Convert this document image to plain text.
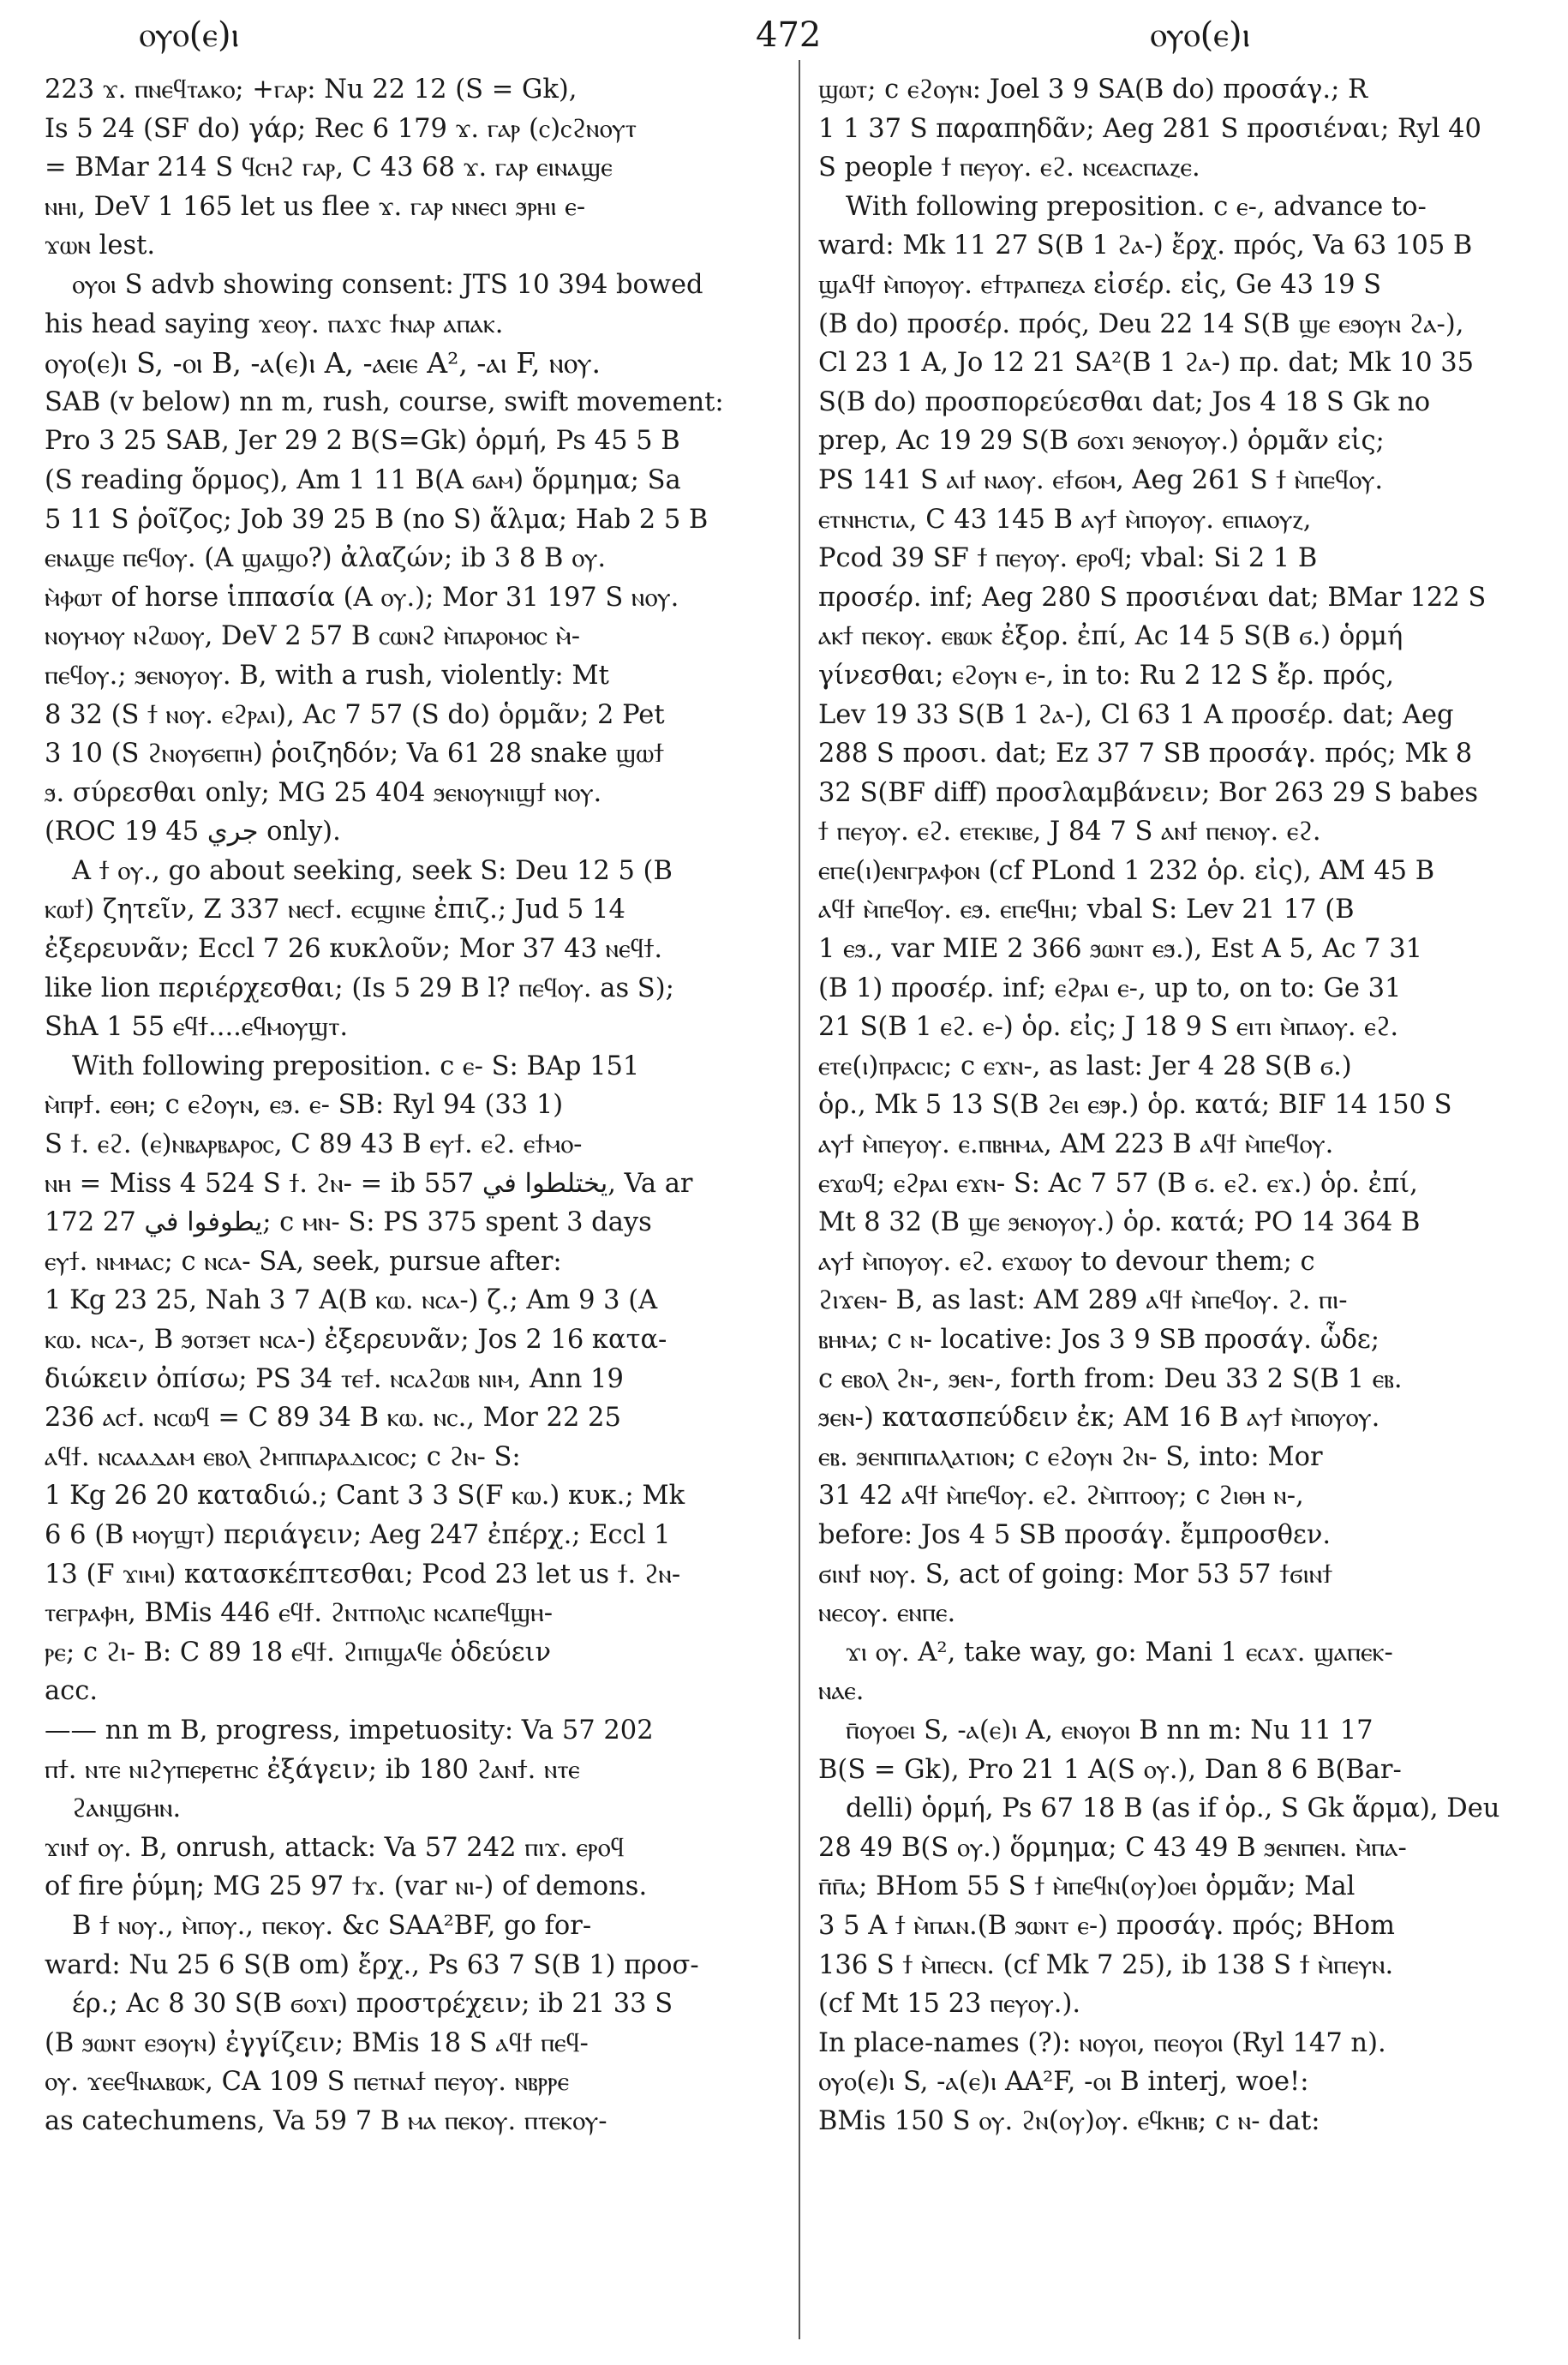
ⲟⲩⲟ(ⲉ)ⲓ	472	ⲟⲩⲟ(ⲉ)ⲓ
223 ϫ. ⲡⲛⲉϥⲧⲁⲕⲟ; +ⲅⲁⲣ: Nu 22 12 (S = Gk),
Is 5 24 (SF do) γάρ; Rec 6 179 ϫ. ⲅⲁⲣ (ⲥ)ⲥϩⲛⲟⲩⲧ
= BMar 214 S ϥⲥⲏϩ ⲅⲁⲣ, C 43 68 ϫ. ⲅⲁⲣ ⲉⲓⲛⲁϣⲉ
ⲛⲏⲓ, DeV 1 165 let us flee ϫ. ⲅⲁⲣ ⲛⲛⲉⲥⲓ ϧⲣⲏⲓ ⲉ-
ϫⲱⲛ lest.
ⲟⲩⲟⲓ S advb showing consent: JTS 10 394 bowed
his head saying ϫⲉⲟⲩ. ⲡⲁϫⲥ ϯⲛⲁⲣ ⲁⲡⲁⲕ.
ⲟⲩⲟ(ⲉ)ⲓ S, -ⲟⲓ B, -ⲁ(ⲉ)ⲓ A, -ⲁⲉⲓⲉ A², -ⲁⲓ F, ⲛⲟⲩ.
SAB (v below) nn m, rush, course, swift movement:
Pro 3 25 SAB, Jer 29 2 B(S=Gk) ὁρμή, Ps 45 5 B
(S reading ὅρμος), Am 1 11 B(A ϭⲁⲙ) ὅρμημα; Sa
5 11 S ῥοῖζος; Job 39 25 B (no S) ἅλμα; Hab 2 5 B
ⲉⲛⲁϣⲉ ⲡⲉϥⲟⲩ. (A ϣⲁϣⲟ?) ἀλαζών; ib 3 8 B ⲟⲩ.
ⲙ̀ⲫⲱⲧ of horse ἱππασία (A ⲟⲩ.); Mor 31 197 S ⲛⲟⲩ.
ⲛⲟⲩⲙⲟⲩ ⲛϩⲱⲟⲩ, DeV 2 57 B ⲥⲱⲛϩ ⲙ̀ⲡⲁⲣⲟⲙⲟⲥ ⲙ̀-
ⲡⲉϥⲟⲩ.; ϧⲉⲛⲟⲩⲟⲩ. B, with a rush, violently: Mt
8 32 (S ϯ ⲛⲟⲩ. ⲉϩⲣⲁⲓ), Ac 7 57 (S do) ὁρμᾶν; 2 Pet
3 10 (S ϩⲛⲟⲩϭⲉⲡⲏ) ῥοιζηδόν; Va 61 28 snake ϣⲱϯ
ϧ. σύρεσθαι only; MG 25 404 ϧⲉⲛⲟⲩⲛⲓϣϯ ⲛⲟⲩ.
(ROC 19 45 ﺟﺮﻱ only).
A ϯ ⲟⲩ., go about seeking, seek S: Deu 12 5 (B
ⲕⲱϯ) ζητεῖν, Z 337 ⲛⲉⲥϯ. ⲉⲥϣⲓⲛⲉ ἐπιζ.; Jud 5 14
ἐξερευνᾶν; Eccl 7 26 κυκλοῦν; Mor 37 43 ⲛⲉϥϯ.
like lion περιέρχεσθαι; (Is 5 29 B l? ⲡⲉϥⲟⲩ. as S);
ShA 1 55 ⲉϥϯ....ⲉϥⲙⲟⲩϣⲧ.
With following preposition. c ⲉ- S: BAp 151
ⲙ̀ⲡⲣϯ. ⲉⲑⲏ; c ⲉϩⲟⲩⲛ, ⲉϧ. ⲉ- SB: Ryl 94 (33 1)
S ϯ. ⲉϩ. (ⲉ)ⲛⲃⲁⲣⲃⲁⲣⲟⲥ, C 89 43 B ⲉⲩϯ. ⲉϩ. ⲉϯⲙⲟ-
ⲛⲏ = Miss 4 524 S ϯ. ϩⲛ- = ib 557 يختلطوا في, Va ar
172 27 يطوفوا في; c ⲙⲛ- S: PS 375 spent 3 days
ⲉⲩϯ. ⲛⲙⲙⲁⲥ; c ⲛⲥⲁ- SA, seek, pursue after:
1 Kg 23 25, Nah 3 7 A(B ⲕⲱ. ⲛⲥⲁ-) ζ.; Am 9 3 (A
ⲕⲱ. ⲛⲥⲁ-, B ϧⲟⲧϧⲉⲧ ⲛⲥⲁ-) ἐξερευνᾶν; Jos 2 16 κατα-
διώκειν ὀπίσω; PS 34 ⲧⲉϯ. ⲛⲥⲁϩⲱⲃ ⲛⲓⲙ, Ann 19
236 ⲁⲥϯ. ⲛⲥⲱϥ = C 89 34 B ⲕⲱ. ⲛⲥ., Mor 22 25
ⲁϥϯ. ⲛⲥⲁⲁⲇⲁⲙ ⲉⲃⲟⲗ ϩⲙⲡⲡⲁⲣⲁⲇⲓⲥⲟⲥ; c ϩⲛ- S:
1 Kg 26 20 καταδιώ.; Cant 3 3 S(F ⲕⲱ.) κυκ.; Mk
6 6 (B ⲙⲟⲩϣⲧ) περιάγειν; Aeg 247 ἐπέρχ.; Eccl 1
13 (F ϫⲓⲙⲓ) κατασκέπτεσθαι; Pcod 23 let us ϯ. ϩⲛ-
ⲧⲉⲅⲣⲁⲫⲏ, BMis 446 ⲉϥϯ. ϩⲛⲧⲡⲟⲗⲓⲥ ⲛⲥⲁⲡⲉϥϣⲏ-
ⲣⲉ; c ϩⲓ- B: C 89 18 ⲉϥϯ. ϩⲓⲡⲓϣⲁϥⲉ ὁδεύειν
acc.
—— nn m B, progress, impetuosity: Va 57 202
ⲡϯ. ⲛⲧⲉ ⲛⲓϩⲩⲡⲉⲣⲉⲧⲏⲥ ἐξάγειν; ib 180 ϩⲁⲛϯ. ⲛⲧⲉ
ϩⲁⲛϣϭⲏⲛ.
ϫⲓⲛϯ ⲟⲩ. B, onrush, attack: Va 57 242 ⲡⲓϫ. ⲉⲣⲟϥ
of fire ῥύμη; MG 25 97 ϯϫ. (var ⲛⲓ-) of demons.
B ϯ ⲛⲟⲩ., ⲙ̀ⲡⲟⲩ., ⲡⲉⲕⲟⲩ. &c SAA²BF, go for-
ward: Nu 25 6 S(B om) ἔρχ., Ps 63 7 S(B 1) προσ-
έρ.; Ac 8 30 S(B ϭⲟϫⲓ) προστρέχειν; ib 21 33 S
(B ϧⲱⲛⲧ ⲉϧⲟⲩⲛ) ἐγγίζειν; BMis 18 S ⲁϥϯ ⲡⲉϥ-
ⲟⲩ. ϫⲉⲉϥⲛⲁⲃⲱⲕ, CA 109 S ⲡⲉⲧⲛⲁϯ ⲡⲉⲩⲟⲩ. ⲛⲃⲣⲣⲉ
as catechumens, Va 59 7 B ⲙⲁ ⲡⲉⲕⲟⲩ. ⲡⲧⲉⲕⲟⲩ-
ϣⲱⲧ; c ⲉϩⲟⲩⲛ: Joel 3 9 SA(B do) προσάγ.; R
1 1 37 S παραπηδᾶν; Aeg 281 S προσιέναι; Ryl 40
S people ϯ ⲡⲉⲩⲟⲩ. ⲉϩ. ⲛⲥⲉⲁⲥⲡⲁⲍⲉ.
With following preposition. c ⲉ-, advance to-
ward: Mk 11 27 S(B 1 ϩⲁ-) ἔρχ. πρός, Va 63 105 B
ϣⲁϥϯ ⲙ̀ⲡⲟⲩⲟⲩ. ⲉϯⲧⲣⲁⲡⲉⲍⲁ εἰσέρ. εἰς, Ge 43 19 S
(B do) προσέρ. πρός, Deu 22 14 S(B ϣⲉ ⲉϧⲟⲩⲛ ϩⲁ-),
Cl 23 1 A, Jo 12 21 SA²(B 1 ϩⲁ-) πρ. dat; Mk 10 35
S(B do) προσπορεύεσθαι dat; Jos 4 18 S Gk no
prep, Ac 19 29 S(B ϭⲟϫⲓ ϧⲉⲛⲟⲩⲟⲩ.) ὁρμᾶν εἰς;
PS 141 S ⲁⲓϯ ⲛⲁⲟⲩ. ⲉϯϭⲟⲙ, Aeg 261 S ϯ ⲙ̀ⲡⲉϥⲟⲩ.
ⲉⲧⲛⲏⲥⲧⲓⲁ, C 43 145 B ⲁⲩϯ ⲙ̀ⲡⲟⲩⲟⲩ. ⲉⲡⲓⲁⲟⲩⲍ,
Pcod 39 SF ϯ ⲡⲉⲩⲟⲩ. ⲉⲣⲟϥ; vbal: Si 2 1 B
προσέρ. inf; Aeg 280 S προσιέναι dat; BMar 122 S
ⲁⲕϯ ⲡⲉⲕⲟⲩ. ⲉⲃⲱⲕ ἐξορ. ἐπί, Ac 14 5 S(B ϭ.) ὁρμή
γίνεσθαι; ⲉϩⲟⲩⲛ ⲉ-, in to: Ru 2 12 S ἔρ. πρός,
Lev 19 33 S(B 1 ϩⲁ-), Cl 63 1 A προσέρ. dat; Aeg
288 S προσι. dat; Ez 37 7 SB προσάγ. πρός; Mk 8
32 S(BF diff) προσλαμβάνειν; Bor 263 29 S babes
ϯ ⲡⲉⲩⲟⲩ. ⲉϩ. ⲉⲧⲉⲕⲓⲃⲉ, J 84 7 S ⲁⲛϯ ⲡⲉⲛⲟⲩ. ⲉϩ.
ⲉⲡⲉ(ⲓ)ⲉⲛⲅⲣⲁⲫⲟⲛ (cf PLond 1 232 ὁρ. εἰς), AM 45 B
ⲁϥϯ ⲙ̀ⲡⲉϥⲟⲩ. ⲉϧ. ⲉⲡⲉϥⲏⲓ; vbal S: Lev 21 17 (B
1 ⲉϧ., var MIE 2 366 ϧⲱⲛⲧ ⲉϧ.), Est A 5, Ac 7 31
(B 1) προσέρ. inf; ⲉϩⲣⲁⲓ ⲉ-, up to, on to: Ge 31
21 S(B 1 ⲉϩ. ⲉ-) ὁρ. εἰς; J 18 9 S ⲉⲓⲧⲓ ⲙ̀ⲡⲁⲟⲩ. ⲉϩ.
ⲉⲧⲉ(ⲓ)ⲡⲣⲁⲥⲓⲥ; c ⲉϫⲛ-, as last: Jer 4 28 S(B ϭ.)
ὁρ., Mk 5 13 S(B ϩⲉⲓ ⲉϧⲣ.) ὁρ. κατά; BIF 14 150 S
ⲁⲩϯ ⲙ̀ⲡⲉⲩⲟⲩ. ⲉ.ⲡⲃⲏⲙⲁ, AM 223 B ⲁϥϯ ⲙ̀ⲡⲉϥⲟⲩ.
ⲉϫⲱϥ; ⲉϩⲣⲁⲓ ⲉϫⲛ- S: Ac 7 57 (B ϭ. ⲉϩ. ⲉϫ.) ὁρ. ἐπί,
Mt 8 32 (B ϣⲉ ϧⲉⲛⲟⲩⲟⲩ.) ὁρ. κατά; PO 14 364 B
ⲁⲩϯ ⲙ̀ⲡⲟⲩⲟⲩ. ⲉϩ. ⲉϫⲱⲟⲩ to devour them; c
ϩⲓϫⲉⲛ- B, as last: AM 289 ⲁϥϯ ⲙ̀ⲡⲉϥⲟⲩ. ϩ. ⲡⲓ-
ⲃⲏⲙⲁ; c ⲛ- locative: Jos 3 9 SB προσάγ. ὧδε;
c ⲉⲃⲟⲗ ϩⲛ-, ϧⲉⲛ-, forth from: Deu 33 2 S(B 1 ⲉⲃ.
ϧⲉⲛ-) κατασπεύδειν ἐκ; AM 16 B ⲁⲩϯ ⲙ̀ⲡⲟⲩⲟⲩ.
ⲉⲃ. ϧⲉⲛⲡⲓⲡⲁⲗⲁⲧⲓⲟⲛ; c ⲉϩⲟⲩⲛ ϩⲛ- S, into: Mor
31 42 ⲁϥϯ ⲙ̀ⲡⲉϥⲟⲩ. ⲉϩ. ϩⲙ̀ⲡⲧⲟⲟⲩ; c ϩⲓⲑⲏ ⲛ-,
before: Jos 4 5 SB προσάγ. ἔμπροσθεν.
ϭⲓⲛϯ ⲛⲟⲩ. S, act of going: Mor 53 57 ϯϭⲓⲛϯ
ⲛⲉⲥⲟⲩ. ⲉⲛⲡⲉ.
ϫⲓ ⲟⲩ. A², take way, go: Mani 1 ⲉⲥⲁϫ. ϣⲁⲡⲉⲕ-
ⲛⲁⲉ.
ⲡ̄ⲟⲩⲟⲉⲓ S, -ⲁ(ⲉ)ⲓ A, ⲉⲛⲟⲩⲟⲓ B nn m: Nu 11 17
B(S = Gk), Pro 21 1 A(S ⲟⲩ.), Dan 8 6 B(Bar-
delli) ὁρμή, Ps 67 18 B (as if ὁρ., S Gk ἅρμα), Deu
28 49 B(S ⲟⲩ.) ὅρμημα; C 43 49 B ϧⲉⲛⲡⲉⲛ. ⲙ̀ⲡⲁ-
ⲡ̄ⲡ̄ⲁ; BHom 55 S ϯ ⲙ̀ⲡⲉϥⲛ(ⲟⲩ)ⲟⲉⲓ ὁρμᾶν; Mal
3 5 A ϯ ⲙ̀ⲡⲁⲛ.(B ϧⲱⲛⲧ ⲉ-) προσάγ. πρός; BHom
136 S ϯ ⲙ̀ⲡⲉⲥⲛ. (cf Mk 7 25), ib 138 S ϯ ⲙ̀ⲡⲉⲩⲛ.
(cf Mt 15 23 ⲡⲉⲩⲟⲩ.).
In place-names (?): ⲛⲟⲩⲟⲓ, ⲡⲉⲟⲩⲟⲓ (Ryl 147 n).
ⲟⲩⲟ(ⲉ)ⲓ S, -ⲁ(ⲉ)ⲓ AA²F, -ⲟⲓ B interj, woe!:
BMis 150 S ⲟⲩ. ϩⲛ(ⲟⲩ)ⲟⲩ. ⲉϥⲕⲏⲃ; c ⲛ- dat:
